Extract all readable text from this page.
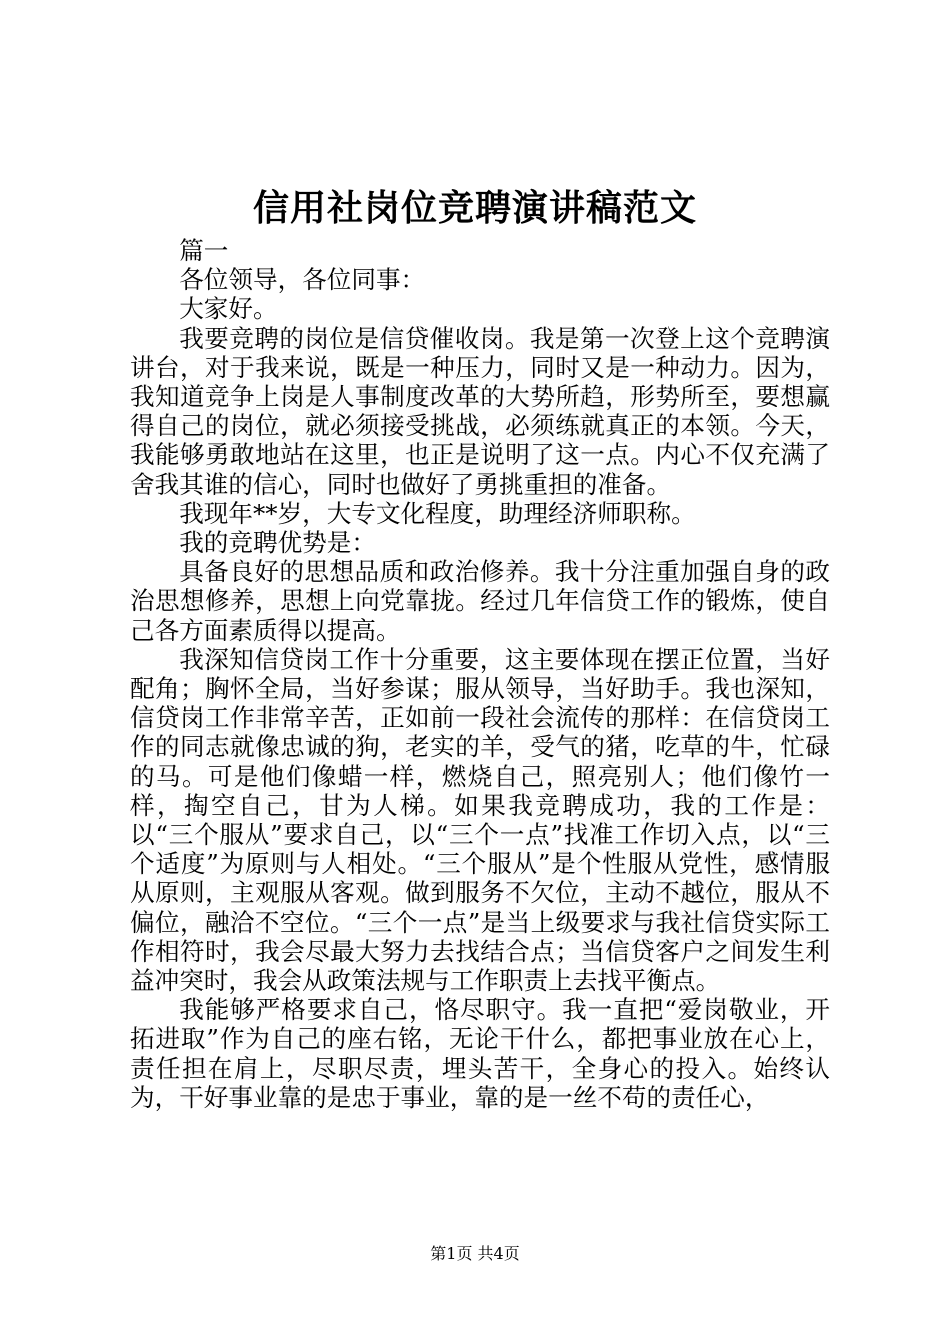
信用社岗位竞聘演讲稿范文

篇一

各位领导，各位同事：

大家好。

我要竞聘的岗位是信贷催收岗。我是第一次登上这个竞聘演讲台，对于我来说，既是一种压力，同时又是一种动力。因为，我知道竞争上岗是人事制度改革的大势所趋，形势所至，要想赢得自己的岗位，就必须接受挑战，必须练就真正的本领。今天，我能够勇敢地站在这里，也正是说明了这一点。内心不仅充满了舍我其谁的信心，同时也做好了勇挑重担的准备。

我现年**岁，大专文化程度，助理经济师职称。

我的竞聘优势是：

具备良好的思想品质和政治修养。我十分注重加强自身的政治思想修养，思想上向党靠拢。经过几年信贷工作的锻炼，使自己各方面素质得以提高。

我深知信贷岗工作十分重要，这主要体现在摆正位置，当好配角；胸怀全局，当好参谋；服从领导，当好助手。我也深知，信贷岗工作非常辛苦，正如前一段社会流传的那样：在信贷岗工作的同志就像忠诚的狗，老实的羊，受气的猪，吃草的牛，忙碌的马。可是他们像蜡一样，燃烧自己，照亮别人；他们像竹一样，掏空自己，甘为人梯。如果我竞聘成功，我的工作是：以“三个服从”要求自己，以“三个一点”找准工作切入点，以“三个适度”为原则与人相处。“三个服从”是个性服从党性，感情服从原则，主观服从客观。做到服务不欠位，主动不越位，服从不偏位，融洽不空位。“三个一点”是当上级要求与我社信贷实际工作相符时，我会尽最大努力去找结合点；当信贷客户之间发生利益冲突时，我会从政策法规与工作职责上去找平衡点。

我能够严格要求自己，恪尽职守。我一直把“爱岗敬业，开拓进取”作为自己的座右铭，无论干什么，都把事业放在心上，责任担在肩上，尽职尽责，埋头苦干，全身心的投入。始终认为，干好事业靠的是忠于事业，靠的是一丝不苟的责任心，

第1页 共4页
